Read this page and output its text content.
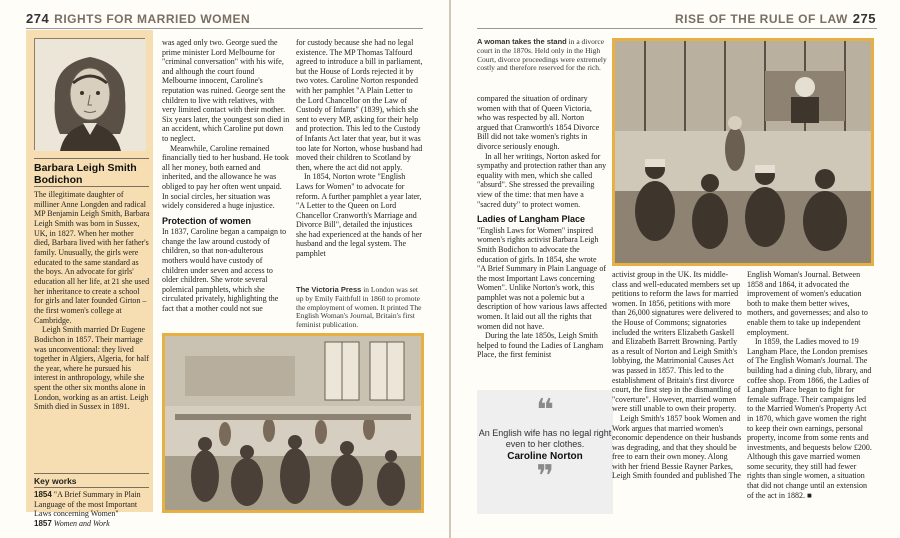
274 RIGHTS FOR MARRIED WOMEN
Barbara Leigh Smith Bodichon

The illegitimate daughter of milliner Anne Longden and radical MP Benjamin Leigh Smith, Barbara Leigh Smith was born in Sussex, UK, in 1827. When her mother died, Barbara lived with her father's family. Unusually, the girls were educated to the same standard as the boys. An advocate for girls' education all her life, at 21 she used her inheritance to create a school for girls and later founded Girton – the first women's college at Cambridge.

Leigh Smith married Dr Eugene Bodichon in 1857. Their marriage was unconventional: they lived together in Algiers, Algeria, for half the year, where he pursued his interest in anthropology, while she spent the other six months alone in London, working as an artist. Leigh Smith died in Sussex in 1891.

Key works
1854 "A Brief Summary in Plain Language of the most Important Laws concerning Women"
1857 Women and Work

was aged only two. George sued the prime minister Lord Melbourne for "criminal conversation" with his wife, and although the court found Melbourne innocent, Caroline's reputation was ruined. George sent the children to live with relatives, with very limited contact with their mother. Six years later, the youngest son died in an accident, which Caroline put down to neglect.

Meanwhile, Caroline remained financially tied to her husband. He took all her money, both earned and inherited, and the allowance he was obliged to pay her often went unpaid. In social circles, her situation was widely considered a huge injustice.

Protection of women

In 1837, Caroline began a campaign to change the law around custody of children, so that non-adulterous mothers would have custody of children under seven and access to older children. She wrote several polemical pamphlets, which she circulated privately, highlighting the fact that a mother could not sue

for custody because she had no legal existence. The MP Thomas Talfourd agreed to introduce a bill in parliament, but the House of Lords rejected it by two votes. Caroline Norton responded with her pamphlet "A Plain Letter to the Lord Chancellor on the Law of Custody of Infants" (1839), which she sent to every MP, asking for their help and protection. This led to the Custody of Infants Act later that year, but it was too late for Norton, whose husband had moved their children to Scotland by then, where the act did not apply.

In 1854, Norton wrote "English Laws for Women" to advocate for reform. A further pamphlet a year later, "A Letter to the Queen on Lord Chancellor Cranworth's Marriage and Divorce Bill", detailed the injustices she had experienced at the hands of her husband and the legal system. The pamphlet

The Victoria Press in London was set up by Emily Faithfull in 1860 to promote the employment of women. It printed The English Woman's Journal, Britain's first feminist publication.
RISE OF THE RULE OF LAW 275
A woman takes the stand in a divorce court in the 1870s. Held only in the High Court, divorce proceedings were extremely costly and therefore reserved for the rich.

compared the situation of ordinary women with that of Queen Victoria, who was respected by all. Norton argued that Cranworth's 1854 Divorce Bill did not take women's rights in divorce seriously enough.

In all her writings, Norton asked for sympathy and protection rather than any equality with men, which she called "absurd". She stressed the prevailing view of the time: that men have a "sacred duty" to protect women.

Ladies of Langham Place

"English Laws for Women" inspired women's rights activist Barbara Leigh Smith Bodichon to advocate the education of girls. In 1854, she wrote "A Brief Summary in Plain Language of the most Important Laws concerning Women". Unlike Norton's work, this pamphlet was not a polemic but a description of how various laws affected women. It laid out all the rights that women did not have.

During the late 1850s, Leigh Smith helped to found the Ladies of Langham Place, the first feminist

❝
An English wife has no legal right even to her clothes.
Caroline Norton
❞

activist group in the UK. Its middle-class and well-educated members set up petitions to reform the laws for married women. In 1856, petitions with more than 26,000 signatures were delivered to the House of Commons; signatories included the writers Elizabeth Gaskell and Elizabeth Barrett Browning. Partly as a result of Norton and Leigh Smith's lobbying, the Matrimonial Causes Act was passed in 1857. This led to the establishment of Britain's first divorce court, the first step in the dismantling of "coverture". However, married women were still unable to own their property.

Leigh Smith's 1857 book Women and Work argues that married women's economic dependence on their husbands was degrading, and that they should be free to earn their own money. Along with her friend Bessie Rayner Parkes, Leigh Smith founded and published The

English Woman's Journal. Between 1858 and 1864, it advocated the improvement of women's education both to make them better wives, mothers, and governesses; and also to enable them to take up independent employment.

In 1859, the Ladies moved to 19 Langham Place, the London premises of The English Woman's Journal. The building had a dining club, library, and coffee shop. From 1866, the Ladies of Langham Place began to fight for female suffrage. Their campaigns led to the Married Women's Property Act in 1870, which gave women the right to keep their own earnings, personal property, income from some rents and investments, and bequests below £200. Although this gave married women some security, they still had fewer rights than single women, a situation that did not change until an extension of the act in 1882. ■
